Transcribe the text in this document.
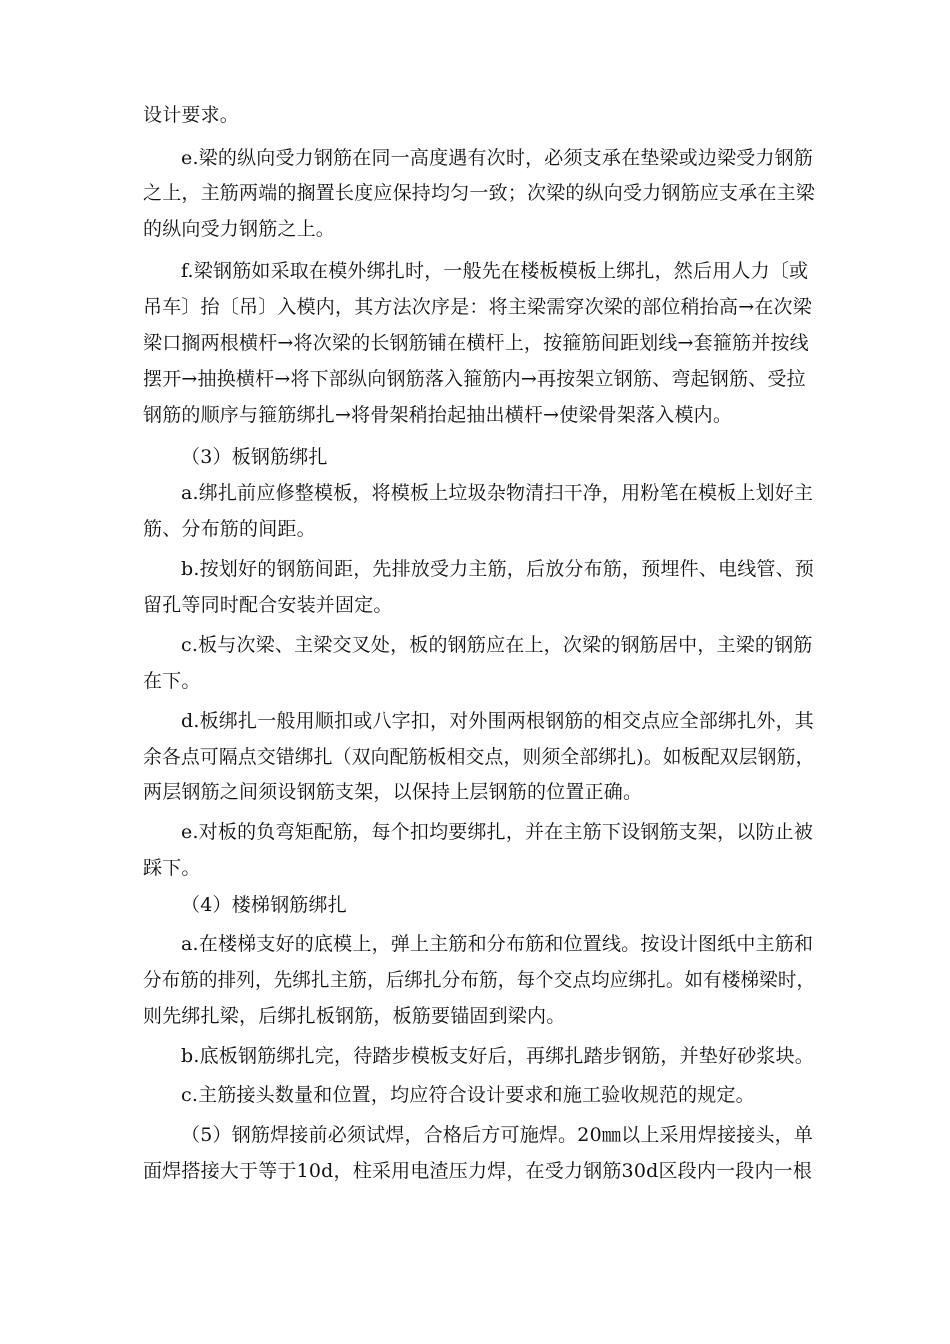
设计要求。
e.梁的纵向受力钢筋在同一高度遇有次时，必须支承在垫梁或边梁受力钢筋
之上，主筋两端的搁置长度应保持均匀一致；次梁的纵向受力钢筋应支承在主梁
的纵向受力钢筋之上。
f.梁钢筋如采取在模外绑扎时，一般先在楼板模板上绑扎，然后用人力〔或
吊车〕抬〔吊〕入模内，其方法次序是：将主梁需穿次梁的部位稍抬高→在次梁
梁口搁两根横杆→将次梁的长钢筋铺在横杆上，按箍筋间距划线→套箍筋并按线
摆开→抽换横杆→将下部纵向钢筋落入箍筋内→再按架立钢筋、弯起钢筋、受拉
钢筋的顺序与箍筋绑扎→将骨架稍抬起抽出横杆→使梁骨架落入模内。
（3）板钢筋绑扎
a.绑扎前应修整模板，将模板上垃圾杂物清扫干净，用粉笔在模板上划好主
筋、分布筋的间距。
b.按划好的钢筋间距，先排放受力主筋，后放分布筋，预埋件、电线管、预
留孔等同时配合安装并固定。
c.板与次梁、主梁交叉处，板的钢筋应在上，次梁的钢筋居中，主梁的钢筋
在下。
d.板绑扎一般用顺扣或八字扣，对外围两根钢筋的相交点应全部绑扎外，其
余各点可隔点交错绑扎（双向配筋板相交点，则须全部绑扎)。如板配双层钢筋，
两层钢筋之间须设钢筋支架，以保持上层钢筋的位置正确。
e.对板的负弯矩配筋，每个扣均要绑扎，并在主筋下设钢筋支架，以防止被
踩下。
（4）楼梯钢筋绑扎
a.在楼梯支好的底模上，弹上主筋和分布筋和位置线。按设计图纸中主筋和
分布筋的排列，先绑扎主筋，后绑扎分布筋，每个交点均应绑扎。如有楼梯梁时，
则先绑扎梁，后绑扎板钢筋，板筋要锚固到梁内。
b.底板钢筋绑扎完，待踏步模板支好后，再绑扎踏步钢筋，并垫好砂浆块。
c.主筋接头数量和位置，均应符合设计要求和施工验收规范的规定。
（5）钢筋焊接前必须试焊，合格后方可施焊。20㎜以上采用焊接接头，单
面焊搭接大于等于10d，柱采用电渣压力焊，在受力钢筋30d区段内一段内一根
